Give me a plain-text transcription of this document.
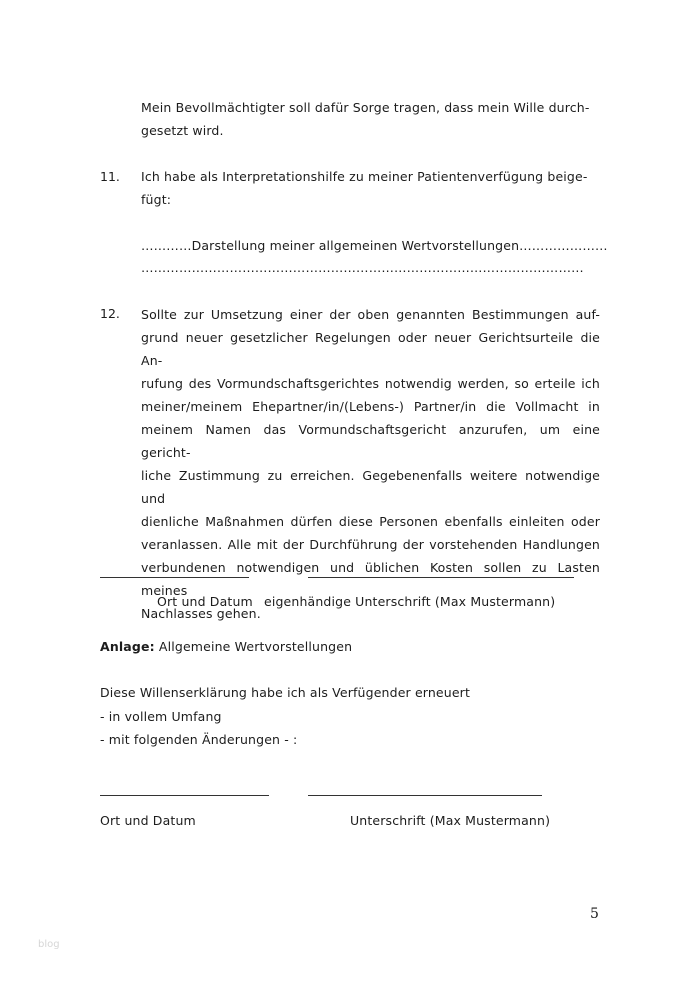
Mein Bevollmächtigter soll dafür Sorge tragen, dass mein Wille durch-
gesetzt wird.
11. Ich habe als Interpretationshilfe zu meiner Patientenverfügung beige-
fügt:
…………Darstellung meiner allgemeinen Wertvorstellungen…………………
……………………………………………………………………………………………
12. Sollte zur Umsetzung einer der oben genannten Bestimmungen auf-
grund neuer gesetzlicher Regelungen oder neuer Gerichtsurteile die An-
rufung des Vormundschaftsgerichtes notwendig werden, so erteile ich
meiner/meinem Ehepartner/in/(Lebens-) Partner/in die Vollmacht in
meinem Namen das Vormundschaftsgericht anzurufen, um eine gericht-
liche Zustimmung zu erreichen. Gegebenenfalls weitere notwendige und
dienliche Maßnahmen dürfen diese Personen ebenfalls einleiten oder
veranlassen. Alle mit der Durchführung der vorstehenden Handlungen
verbundenen notwendigen und üblichen Kosten sollen zu Lasten meines
Nachlasses gehen.
Ort und Datum eigenhändige Unterschrift (Max Mustermann)
Anlage: Allgemeine Wertvorstellungen
Diese Willenserklärung habe ich als Verfügender erneuert
- in vollem Umfang
- mit folgenden Änderungen - :
Ort und Datum	Unterschrift (Max Mustermann)
5
blog
